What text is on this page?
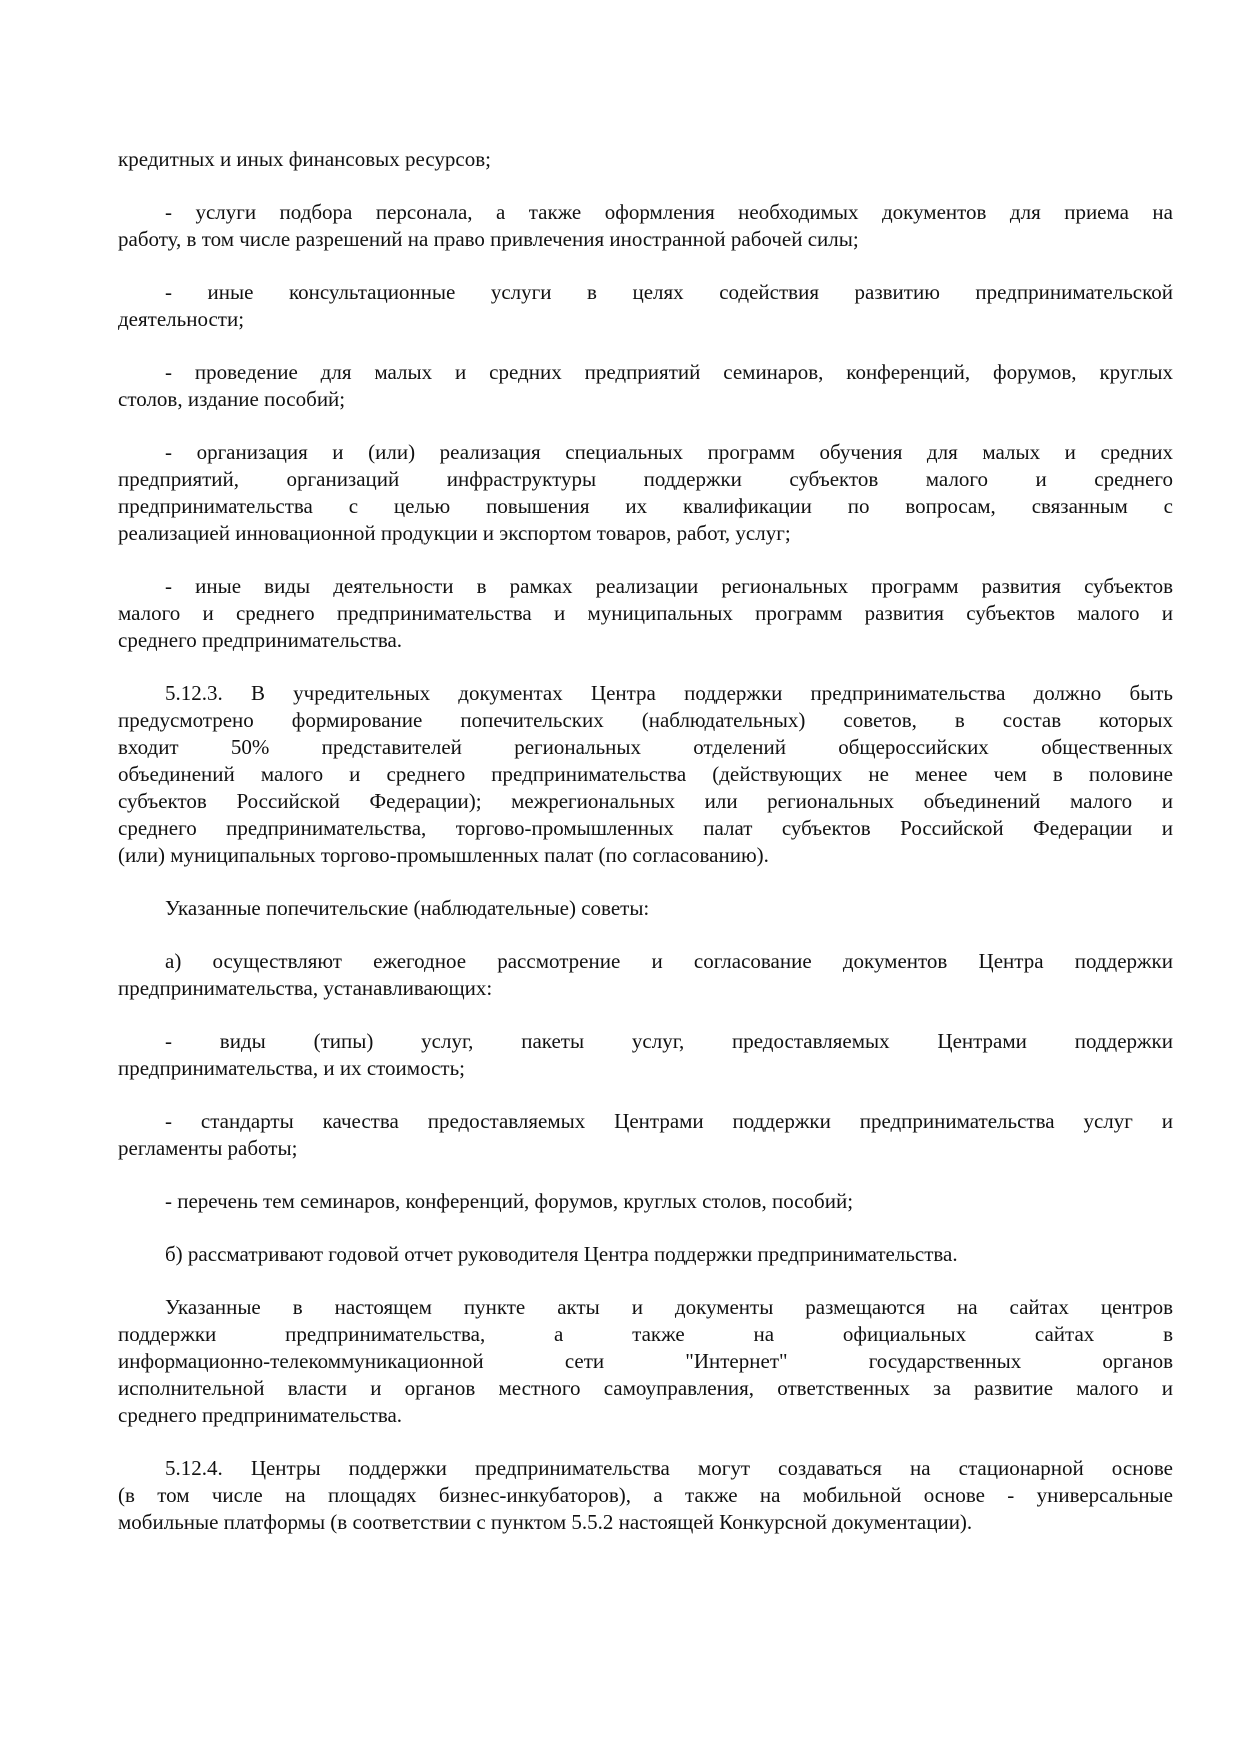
кредитных и иных финансовых ресурсов;
- услуги подбора персонала, а также оформления необходимых документов для приема на
работу, в том числе разрешений на право привлечения иностранной рабочей силы;
- иные консультационные услуги в целях содействия развитию предпринимательской
деятельности;
- проведение для малых и средних предприятий семинаров, конференций, форумов, круглых
столов, издание пособий;
- организация и (или) реализация специальных программ обучения для малых и средних
предприятий, организаций инфраструктуры поддержки субъектов малого и среднего
предпринимательства с целью повышения их квалификации по вопросам, связанным с
реализацией инновационной продукции и экспортом товаров, работ, услуг;
- иные виды деятельности в рамках реализации региональных программ развития субъектов
малого и среднего предпринимательства и муниципальных программ развития субъектов малого и
среднего предпринимательства.
5.12.3. В учредительных документах Центра поддержки предпринимательства должно быть
предусмотрено формирование попечительских (наблюдательных) советов, в состав которых
входит 50% представителей региональных отделений общероссийских общественных
объединений малого и среднего предпринимательства (действующих не менее чем в половине
субъектов Российской Федерации); межрегиональных или региональных объединений малого и
среднего предпринимательства, торгово-промышленных палат субъектов Российской Федерации и
(или) муниципальных торгово-промышленных палат (по согласованию).
Указанные попечительские (наблюдательные) советы:
а) осуществляют ежегодное рассмотрение и согласование документов Центра поддержки
предпринимательства, устанавливающих:
- виды (типы) услуг, пакеты услуг, предоставляемых Центрами поддержки
предпринимательства, и их стоимость;
- стандарты качества предоставляемых Центрами поддержки предпринимательства услуг и
регламенты работы;
- перечень тем семинаров, конференций, форумов, круглых столов, пособий;
б) рассматривают годовой отчет руководителя Центра поддержки предпринимательства.
Указанные в настоящем пункте акты и документы размещаются на сайтах центров
поддержки предпринимательства, а также на официальных сайтах в
информационно-телекоммуникационной сети "Интернет" государственных органов
исполнительной власти и органов местного самоуправления, ответственных за развитие малого и
среднего предпринимательства.
5.12.4. Центры поддержки предпринимательства могут создаваться на стационарной основе
(в том числе на площадях бизнес-инкубаторов), а также на мобильной основе - универсальные
мобильные платформы (в соответствии с пунктом 5.5.2 настоящей Конкурсной документации).
